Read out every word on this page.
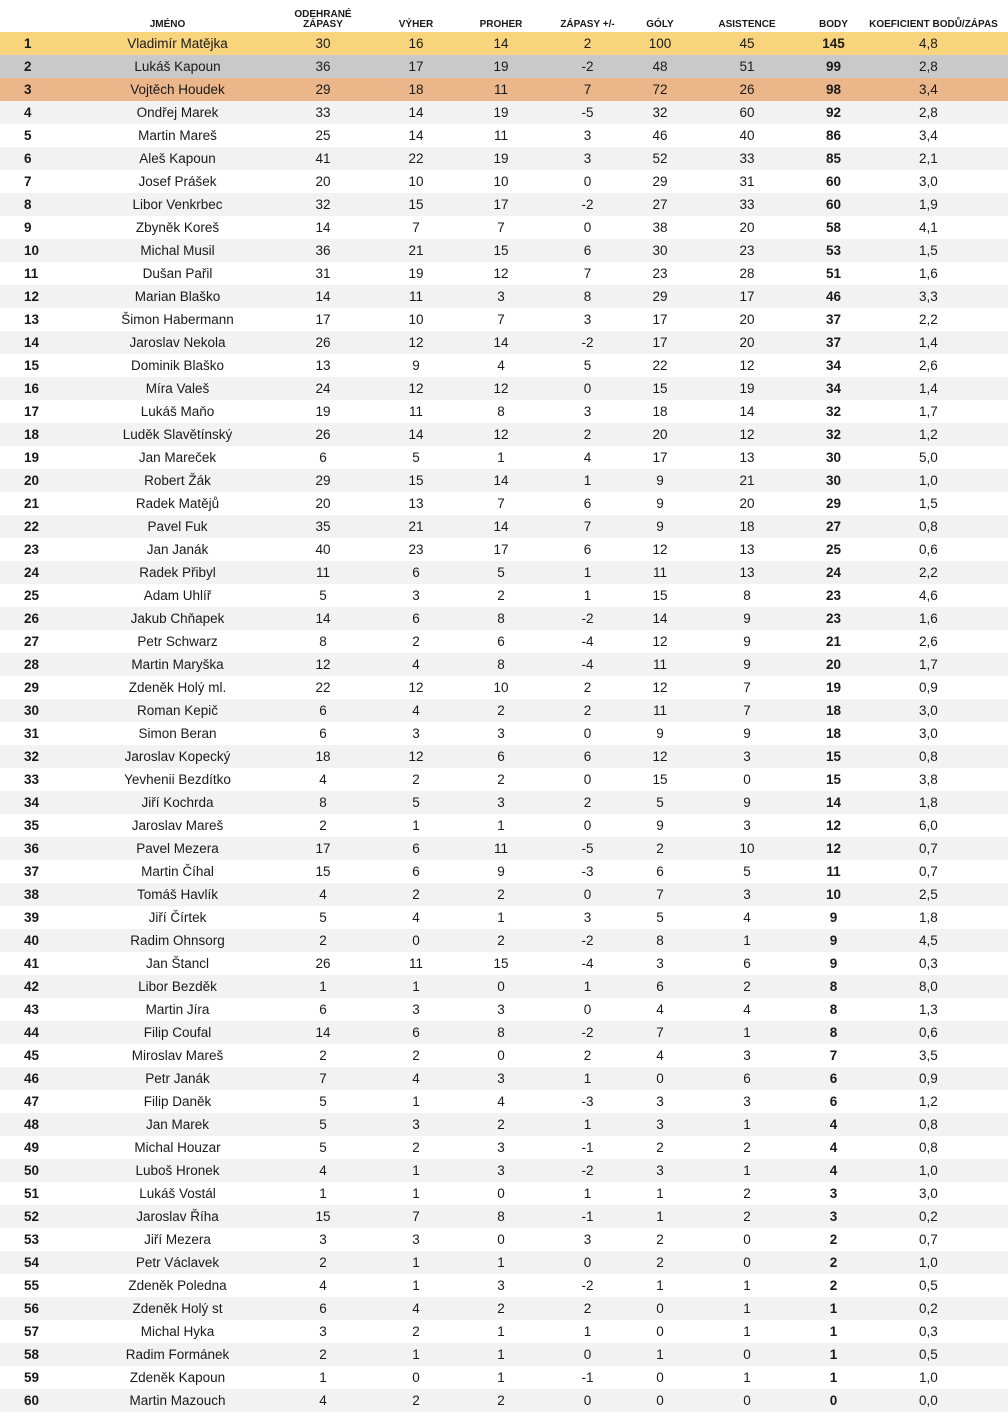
	JMÉNO	ODEHRANÉ ZÁPASY	VÝHER	PROHER	ZÁPASY +/-	GÓLY	ASISTENCE	BODY	KOEFICIENT BODŮ/ZÁPAS
1	Vladimír Matějka	30	16	14	2	100	45	145	4,8
2	Lukáš Kapoun	36	17	19	-2	48	51	99	2,8
3	Vojtěch Houdek	29	18	11	7	72	26	98	3,4
4	Ondřej Marek	33	14	19	-5	32	60	92	2,8
5	Martin Mareš	25	14	11	3	46	40	86	3,4
6	Aleš Kapoun	41	22	19	3	52	33	85	2,1
7	Josef Prášek	20	10	10	0	29	31	60	3,0
8	Libor Venkrbec	32	15	17	-2	27	33	60	1,9
9	Zbyněk Koreš	14	7	7	0	38	20	58	4,1
10	Michal Musil	36	21	15	6	30	23	53	1,5
11	Dušan Pařil	31	19	12	7	23	28	51	1,6
12	Marian Blaško	14	11	3	8	29	17	46	3,3
13	Šimon Habermann	17	10	7	3	17	20	37	2,2
14	Jaroslav Nekola	26	12	14	-2	17	20	37	1,4
15	Dominik Blaško	13	9	4	5	22	12	34	2,6
16	Míra Valeš	24	12	12	0	15	19	34	1,4
17	Lukáš Maňo	19	11	8	3	18	14	32	1,7
18	Luděk Slavětínský	26	14	12	2	20	12	32	1,2
19	Jan Mareček	6	5	1	4	17	13	30	5,0
20	Robert Žák	29	15	14	1	9	21	30	1,0
21	Radek Matějů	20	13	7	6	9	20	29	1,5
22	Pavel Fuk	35	21	14	7	9	18	27	0,8
23	Jan Janák	40	23	17	6	12	13	25	0,6
24	Radek Přibyl	11	6	5	1	11	13	24	2,2
25	Adam Uhlíř	5	3	2	1	15	8	23	4,6
26	Jakub Chňapek	14	6	8	-2	14	9	23	1,6
27	Petr Schwarz	8	2	6	-4	12	9	21	2,6
28	Martin Maryška	12	4	8	-4	11	9	20	1,7
29	Zdeněk Holý ml.	22	12	10	2	12	7	19	0,9
30	Roman Kepič	6	4	2	2	11	7	18	3,0
31	Simon Beran	6	3	3	0	9	9	18	3,0
32	Jaroslav Kopecký	18	12	6	6	12	3	15	0,8
33	Yevhenii Bezdítko	4	2	2	0	15	0	15	3,8
34	Jiří Kochrda	8	5	3	2	5	9	14	1,8
35	Jaroslav Mareš	2	1	1	0	9	3	12	6,0
36	Pavel Mezera	17	6	11	-5	2	10	12	0,7
37	Martin Číhal	15	6	9	-3	6	5	11	0,7
38	Tomáš Havlík	4	2	2	0	7	3	10	2,5
39	Jiří Čírtek	5	4	1	3	5	4	9	1,8
40	Radim Ohnsorg	2	0	2	-2	8	1	9	4,5
41	Jan Štancl	26	11	15	-4	3	6	9	0,3
42	Libor Bezděk	1	1	0	1	6	2	8	8,0
43	Martin Jíra	6	3	3	0	4	4	8	1,3
44	Filip Coufal	14	6	8	-2	7	1	8	0,6
45	Miroslav Mareš	2	2	0	2	4	3	7	3,5
46	Petr Janák	7	4	3	1	0	6	6	0,9
47	Filip Daněk	5	1	4	-3	3	3	6	1,2
48	Jan Marek	5	3	2	1	3	1	4	0,8
49	Michal Houzar	5	2	3	-1	2	2	4	0,8
50	Luboš Hronek	4	1	3	-2	3	1	4	1,0
51	Lukáš Vostál	1	1	0	1	1	2	3	3,0
52	Jaroslav Říha	15	7	8	-1	1	2	3	0,2
53	Jiří Mezera	3	3	0	3	2	0	2	0,7
54	Petr Václavek	2	1	1	0	2	0	2	1,0
55	Zdeněk Poledna	4	1	3	-2	1	1	2	0,5
56	Zdeněk Holý st	6	4	2	2	0	1	1	0,2
57	Michal Hyka	3	2	1	1	0	1	1	0,3
58	Radim Formánek	2	1	1	0	1	0	1	0,5
59	Zdeněk Kapoun	1	0	1	-1	0	1	1	1,0
60	Martin Mazouch	4	2	2	0	0	0	0	0,0
